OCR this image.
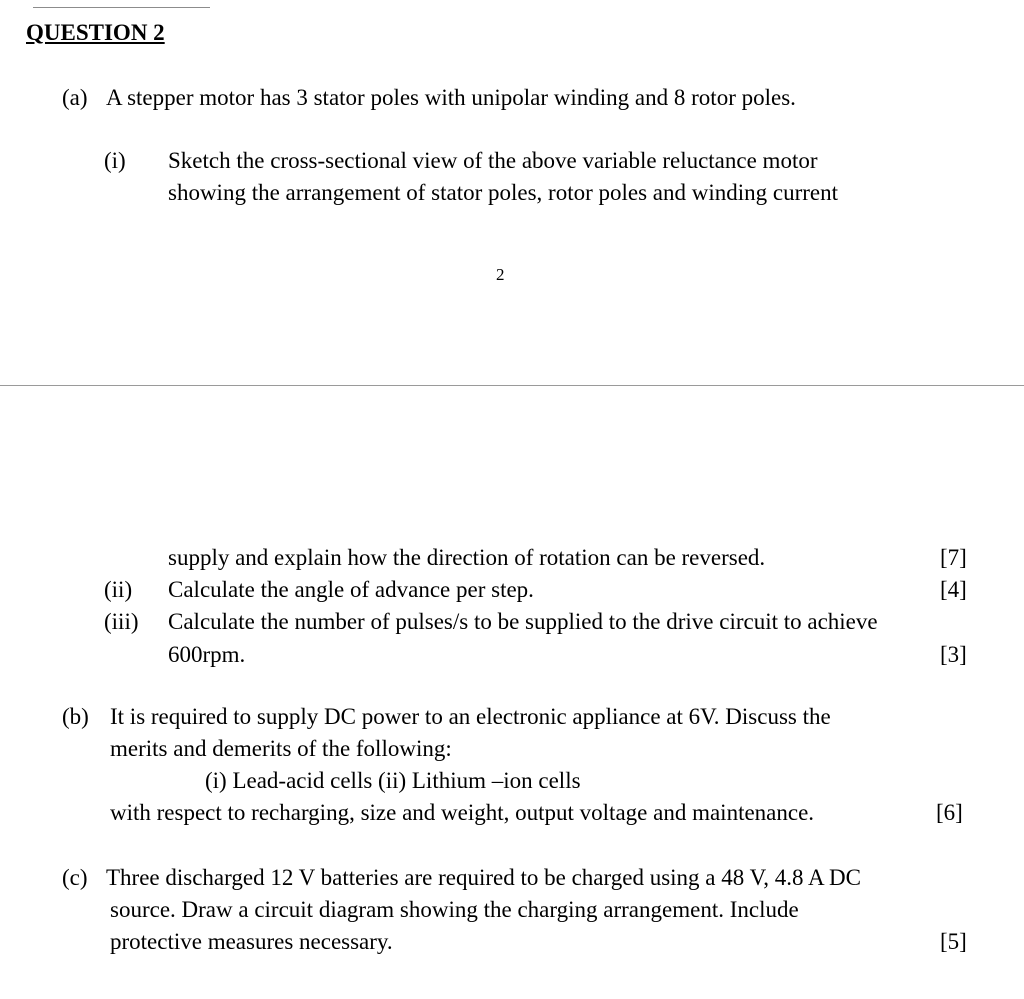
QUESTION 2
(a) A stepper motor has 3 stator poles with unipolar winding and 8 rotor poles.
(i) Sketch the cross-sectional view of the above variable reluctance motor
showing the arrangement of stator poles, rotor poles and winding current
2
supply and explain how the direction of rotation can be reversed.	[7]
(ii) Calculate the angle of advance per step.	[4]
(iii) Calculate the number of pulses/s to be supplied to the drive circuit to achieve
600rpm.	[3]
(b) It is required to supply DC power to an electronic appliance at 6V. Discuss the
merits and demerits of the following:
(i) Lead-acid cells (ii) Lithium –ion cells
with respect to recharging, size and weight, output voltage and maintenance.	[6]
(c) Three discharged 12 V batteries are required to be charged using a 48 V, 4.8 A DC
source. Draw a circuit diagram showing the charging arrangement. Include
protective measures necessary.	[5]
